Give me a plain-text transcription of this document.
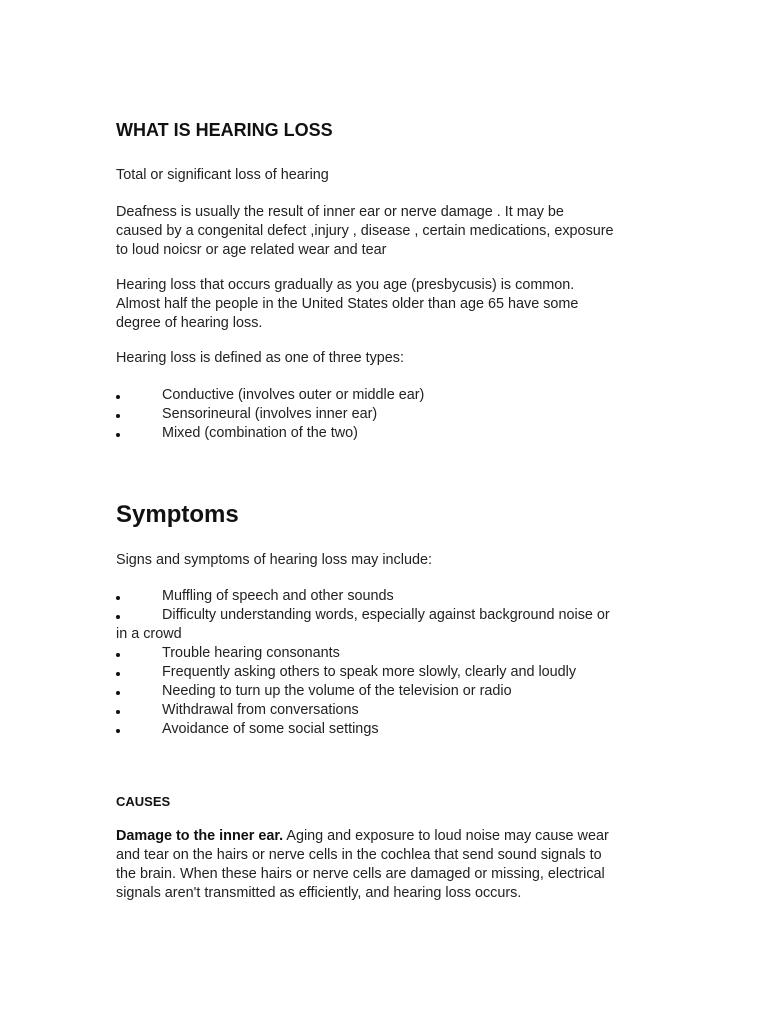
WHAT IS HEARING LOSS
Total or significant loss of hearing
Deafness is usually the result of inner ear or nerve damage . It may be
caused by a congenital defect ,injury , disease , certain medications, exposure
to loud noicsr or age related wear and tear
Hearing loss that occurs gradually as you age (presbycusis) is common.
Almost half the people in the United States older than age 65 have some
degree of hearing loss.
Hearing loss is defined as one of three types:
Conductive (involves outer or middle ear)
Sensorineural (involves inner ear)
Mixed (combination of the two)
Symptoms
Signs and symptoms of hearing loss may include:
Muffling of speech and other sounds
Difficulty understanding words, especially against background noise or
in a crowd
Trouble hearing consonants
Frequently asking others to speak more slowly, clearly and loudly
Needing to turn up the volume of the television or radio
Withdrawal from conversations
Avoidance of some social settings
CAUSES
Damage to the inner ear. Aging and exposure to loud noise may cause wear
and tear on the hairs or nerve cells in the cochlea that send sound signals to
the brain. When these hairs or nerve cells are damaged or missing, electrical
signals aren't transmitted as efficiently, and hearing loss occurs.
